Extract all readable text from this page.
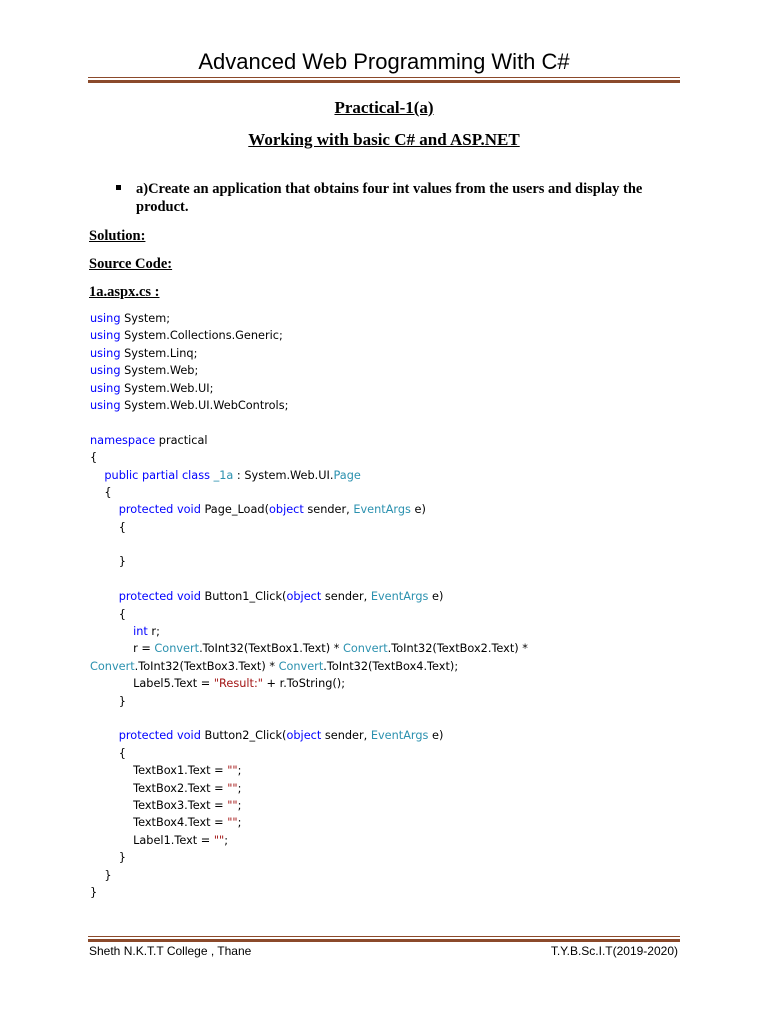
Advanced Web Programming With C#
Practical-1(a)
Working with basic C# and ASP.NET
a)Create an application that obtains four int values from the users and display the product.
Solution:
Source Code:
1a.aspx.cs :
using System;
using System.Collections.Generic;
using System.Linq;
using System.Web;
using System.Web.UI;
using System.Web.UI.WebControls;
namespace practical
{
public partial class _1a : System.Web.UI.Page
{
protected void Page_Load(object sender, EventArgs e)
{
}
protected void Button1_Click(object sender, EventArgs e)
{
int r;
r = Convert.ToInt32(TextBox1.Text) * Convert.ToInt32(TextBox2.Text) *
Convert.ToInt32(TextBox3.Text) * Convert.ToInt32(TextBox4.Text);
Label5.Text = "Result:" + r.ToString();
}
protected void Button2_Click(object sender, EventArgs e)
{
TextBox1.Text = "";
TextBox2.Text = "";
TextBox3.Text = "";
TextBox4.Text = "";
Label1.Text = "";
}
}
}
Sheth N.K.T.T College , Thane	T.Y.B.Sc.I.T(2019-2020)
